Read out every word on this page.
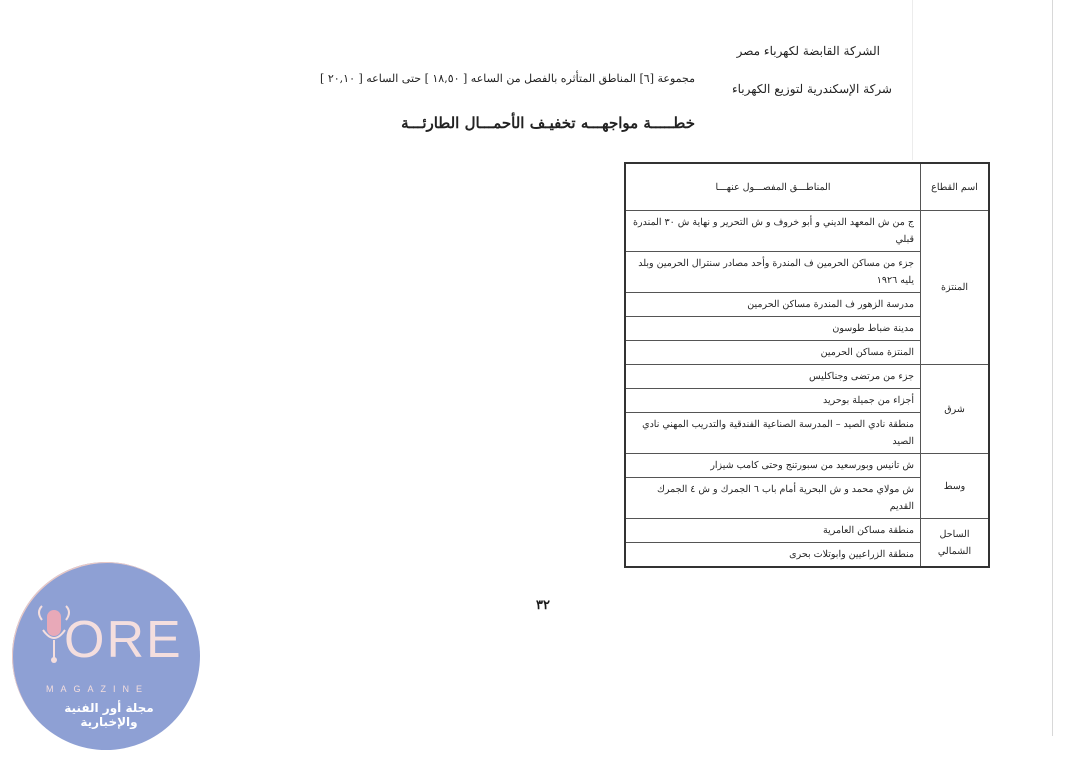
الشركة القابضة لكهرباء مصر
شركة الإسكندرية لتوزيع الكهرباء
مجموعة [٦] المناطق المتأثره بالفصل من الساعه [ ١٨,٥٠ ] حتى الساعه [ ٢٠,١٠ ]
خطـــــة مواجهـــه تخفيـف الأحمـــال الطارئـــة
اسم القطاع	المناطـــق المفصـــول عنهـــا
المنتزة	ج من ش المعهد الديني و أبو خروف و ش التحرير و نهاية ش ٣٠ المندرة قبلي
	جزء من مساكن الحرمين ف المندرة وأحد مصادر سنترال الحرمين وبلد يليه ١٩٢٦
	مدرسة الزهور ف المندرة مساكن الحرمين
	مدينة ضباط طوسون
	المنتزة مساكن الحرمين
شرق	جزء من مرتضى وجناكليس
	أجزاء من جميلة بوحريد
	منطقة نادي الصيد – المدرسة الصناعية الفندقية والتدريب المهني نادي الصيد
وسط	ش تانيس وبورسعيد من سبورتنج وحتى كامب شيزار
	ش مولاي محمد و ش البحرية أمام باب ٦ الجمرك و ش ٤ الجمرك القديم
الساحل الشمالي	منطقة مساكن العامرية
	منطقة الزراعيين وابوتلات بحرى
٣٢
ORE
MAGAZINE
مجلة أور الفنية والإخبارية
